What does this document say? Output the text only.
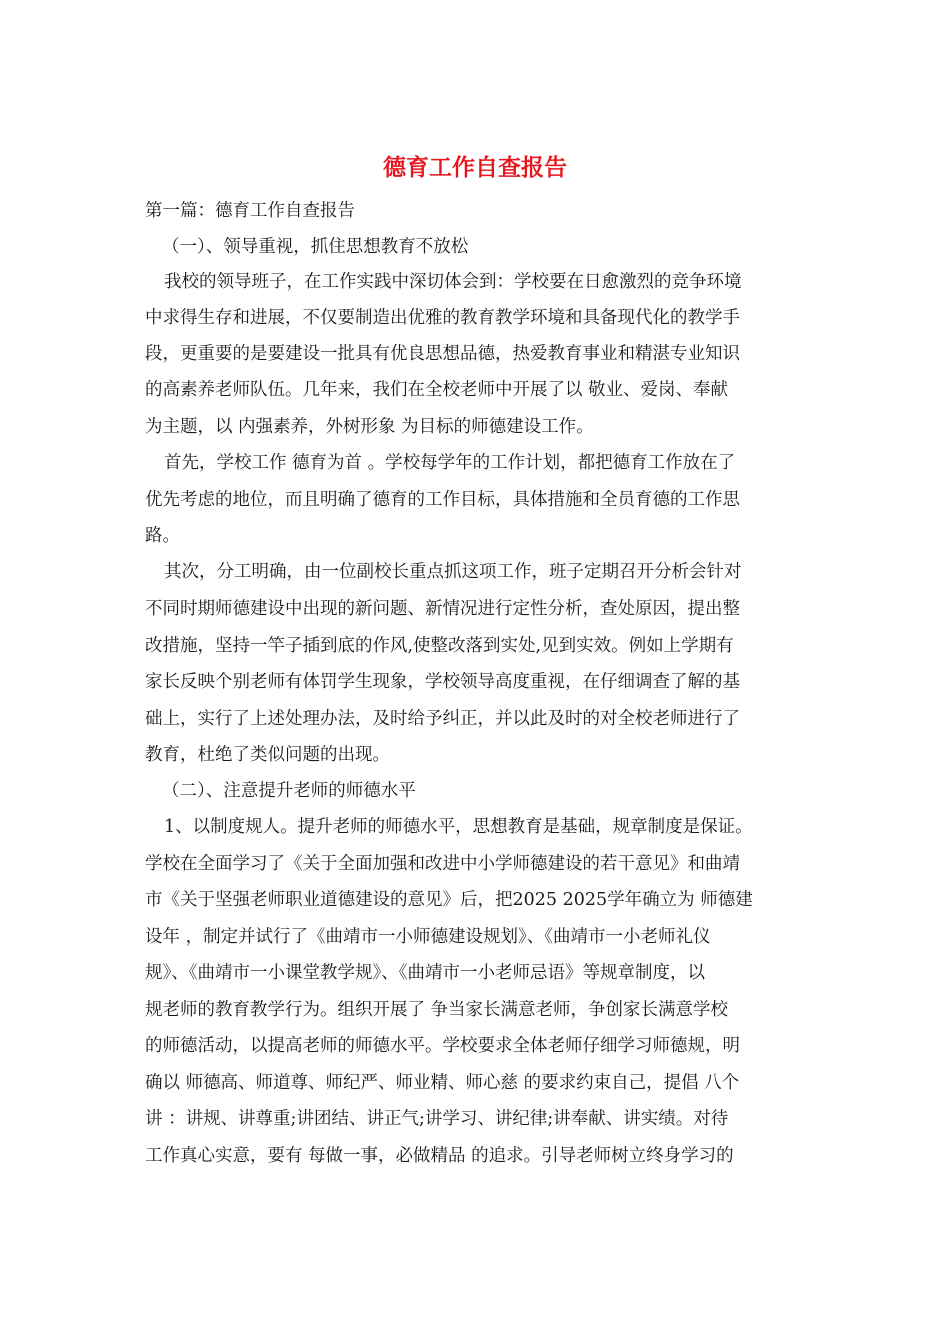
德育工作自查报告

第一篇：德育工作自查报告

（一）、领导重视，抓住思想教育不放松

我校的领导班子，在工作实践中深切体会到：学校要在日愈激烈的竞争环境

中求得生存和进展，不仅要制造出优雅的教育教学环境和具备现代化的教学手

段，更重要的是要建设一批具有优良思想品德，热爱教育事业和精湛专业知识

的高素养老师队伍。几年来，我们在全校老师中开展了以 敬业、爱岗、奉献

为主题，以 内强素养，外树形象 为目标的师德建设工作。

首先，学校工作 德育为首 。学校每学年的工作计划，都把德育工作放在了

优先考虑的地位，而且明确了德育的工作目标，具体措施和全员育德的工作思

路。

其次，分工明确，由一位副校长重点抓这项工作，班子定期召开分析会针对

不同时期师德建设中出现的新问题、新情况进行定性分析，查处原因，提出整

改措施，坚持一竿子插到底的作风,使整改落到实处,见到实效。例如上学期有

家长反映个别老师有体罚学生现象，学校领导高度重视，在仔细调查了解的基

础上，实行了上述处理办法，及时给予纠正，并以此及时的对全校老师进行了

教育，杜绝了类似问题的出现。

（二）、注意提升老师的师德水平

1、以制度规人。提升老师的师德水平，思想教育是基础，规章制度是保证。

学校在全面学习了《关于全面加强和改进中小学师德建设的若干意见》和曲靖

市《关于坚强老师职业道德建设的意见》后，把2025 2025学年确立为 师德建

设年 ，制定并试行了《曲靖市一小师德建设规划》、《曲靖市一小老师礼仪

规》、《曲靖市一小课堂教学规》、《曲靖市一小老师忌语》等规章制度，以

规老师的教育教学行为。组织开展了 争当家长满意老师，争创家长满意学校

的师德活动，以提高老师的师德水平。学校要求全体老师仔细学习师德规，明

确以 师德高、师道尊、师纪严、师业精、师心慈 的要求约束自己，提倡 八个

讲 ：讲规、讲尊重;讲团结、讲正气;讲学习、讲纪律;讲奉献、讲实绩。对待

工作真心实意，要有 每做一事，必做精品 的追求。引导老师树立终身学习的
